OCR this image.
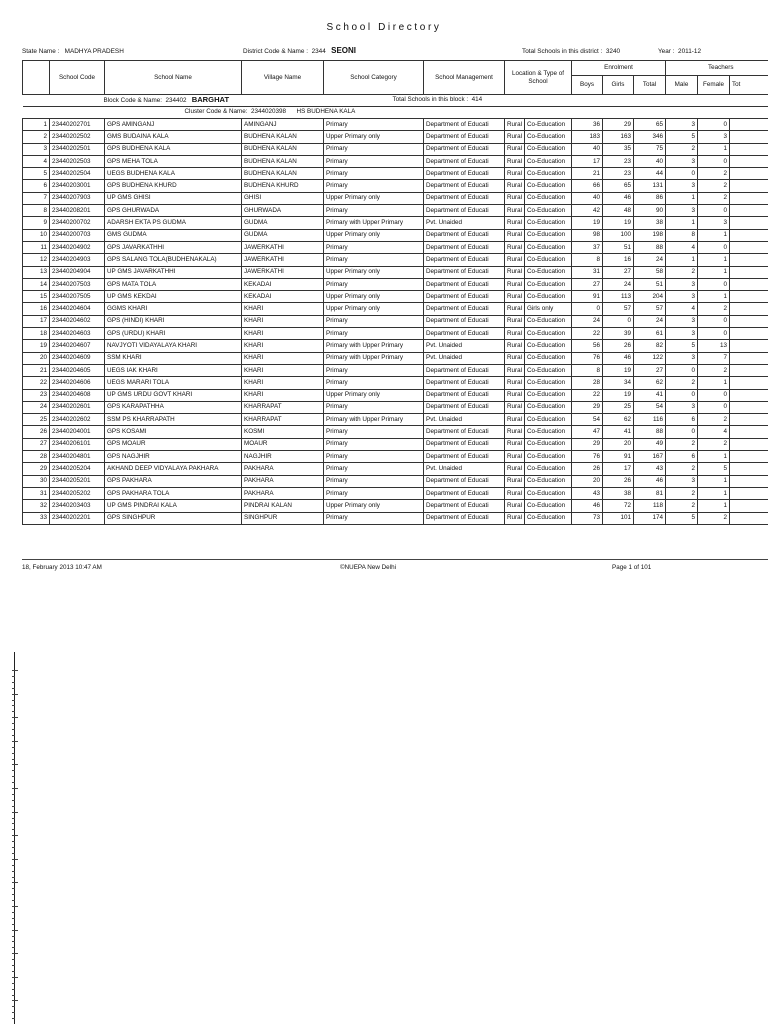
School Directory
State Name : MADHYA PRADESH	District Code & Name : 2344 SEONI	Total Schools in this district : 3240	Year : 2011-12
	School Code	School Name	Village Name	School Category	School Management	Location & Type of School		Enrolment			Teachers		
								Boys	Girls	Total	Male	Female	Tot

Block Code & Name: 234402 BARGHAT Total Schools in this block : 414													

Cluster Code & Name: 2344020398 HS BUDHENA KALA													

1	23440202701	GPS AMINGANJ	AMINGANJ	Primary	Department of Educati	Rural	Co-Education	36	29	65	3	0	
2	23440202502	GMS BUDAINA KALA	BUDHENA KALAN	Upper Primary only	Department of Educati	Rural	Co-Education	183	163	346	5	3	
3	23440202501	GPS BUDHENA KALA	BUDHENA KALAN	Primary	Department of Educati	Rural	Co-Education	40	35	75	2	1	
4	23440202503	GPS MEHA TOLA	BUDHENA KALAN	Primary	Department of Educati	Rural	Co-Education	17	23	40	3	0	
5	23440202504	UEGS BUDHENA KALA	BUDHENA KALAN	Primary	Department of Educati	Rural	Co-Education	21	23	44	0	2	
6	23440203001	GPS BUDHENA KHURD	BUDHENA KHURD	Primary	Department of Educati	Rural	Co-Education	66	65	131	3	2	
7	23440207903	UP GMS GHISI	GHISI	Upper Primary only	Department of Educati	Rural	Co-Education	40	46	86	1	2	
8	23440208201	GPS GHURWADA	GHURWADA	Primary	Department of Educati	Rural	Co-Education	42	48	90	3	0	
9	23440200702	ADARSH EKTA PS GUDMA	GUDMA	Primary with Upper Primary	Pvt. Unaided	Rural	Co-Education	19	19	38	1	3	
10	23440200703	GMS GUDMA	GUDMA	Upper Primary only	Department of Educati	Rural	Co-Education	98	100	198	8	1	
11	23440204902	GPS JAVARKATHHI	JAWERKATHI	Primary	Department of Educati	Rural	Co-Education	37	51	88	4	0	
12	23440204903	GPS SALANG TOLA(BUDHENAKALA)	JAWERKATHI	Primary	Department of Educati	Rural	Co-Education	8	16	24	1	1	
13	23440204904	UP GMS JAVARKATHHI	JAWERKATHI	Upper Primary only	Department of Educati	Rural	Co-Education	31	27	58	2	1	
14	23440207503	GPS MATA TOLA	KEKADAI	Primary	Department of Educati	Rural	Co-Education	27	24	51	3	0	
15	23440207505	UP GMS KEKDAI	KEKADAI	Upper Primary only	Department of Educati	Rural	Co-Education	91	113	204	3	1	
16	23440204604	GGMS KHARI	KHARI	Upper Primary only	Department of Educati	Rural	Girls only	0	57	57	4	2	
17	23440204602	GPS (HINDI) KHARI	KHARI	Primary	Department of Educati	Rural	Co-Education	24	0	24	3	0	
18	23440204603	GPS (URDU) KHARI	KHARI	Primary	Department of Educati	Rural	Co-Education	22	39	61	3	0	
19	23440204607	NAVJYOTI VIDAYALAYA KHARI	KHARI	Primary with Upper Primary	Pvt. Unaided	Rural	Co-Education	56	26	82	5	13	
20	23440204609	SSM KHARI	KHARI	Primary with Upper Primary	Pvt. Unaided	Rural	Co-Education	76	46	122	3	7	
21	23440204605	UEGS IAK KHARI	KHARI	Primary	Department of Educati	Rural	Co-Education	8	19	27	0	2	
22	23440204606	UEGS MARARI TOLA	KHARI	Primary	Department of Educati	Rural	Co-Education	28	34	62	2	1	
23	23440204608	UP GMS URDU GOVT KHARI	KHARI	Upper Primary only	Department of Educati	Rural	Co-Education	22	19	41	0	0	
24	23440202601	GPS KARAPATHHA	KHARRAPAT	Primary	Department of Educati	Rural	Co-Education	29	25	54	3	0	
25	23440202602	SSM PS KHARRAPATH	KHARRAPAT	Primary with Upper Primary	Pvt. Unaided	Rural	Co-Education	54	62	116	6	2	
26	23440204001	GPS KOSAMI	KOSMI	Primary	Department of Educati	Rural	Co-Education	47	41	88	0	4	
27	23440206101	GPS MOAUR	MOAUR	Primary	Department of Educati	Rural	Co-Education	29	20	49	2	2	
28	23440204801	GPS NAGJHIR	NAGJHIR	Primary	Department of Educati	Rural	Co-Education	76	91	167	6	1	
29	23440205204	AKHAND DEEP VIDYALAYA PAKHARA	PAKHARA	Primary	Pvt. Unaided	Rural	Co-Education	26	17	43	2	5	
30	23440205201	GPS PAKHARA	PAKHARA	Primary	Department of Educati	Rural	Co-Education	20	26	46	3	1	
31	23440205202	GPS PAKHARA TOLA	PAKHARA	Primary	Department of Educati	Rural	Co-Education	43	38	81	2	1	
32	23440203403	UP GMS PINDRAI KALA	PINDRAI KALAN	Upper Primary only	Department of Educati	Rural	Co-Education	46	72	118	2	1	
33	23440202201	GPS SINGHPUR	SINGHPUR	Primary	Department of Educati	Rural	Co-Education	73	101	174	5	2	
18, February 2013 10:47 AM	©NUEPA New Delhi	Page 1 of 101
